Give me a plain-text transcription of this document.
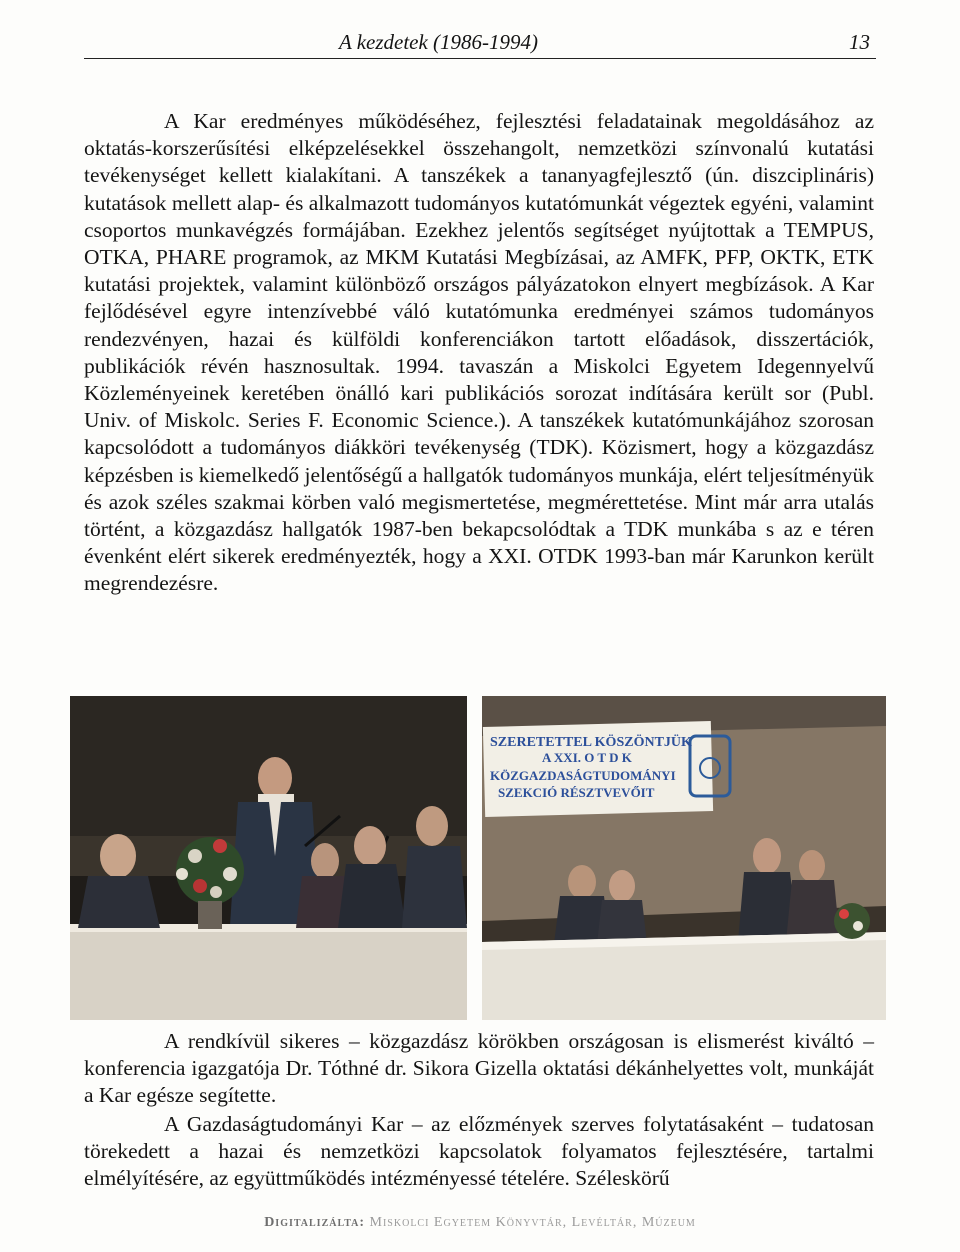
A kezdetek (1986-1994)	13

A Kar eredményes működéséhez, fejlesztési feladatainak megoldásához az oktatás-korszerűsítési elképzelésekkel összehangolt, nemzetközi színvonalú kutatási tevékenységet kellett kialakítani. A tanszékek a tananyagfejlesztő (ún. diszciplináris) kutatások mellett alap- és alkalmazott tudományos kutatómunkát végeztek egyéni, valamint csoportos munkavégzés formájában. Ezekhez jelentős segítséget nyújtottak a TEMPUS, OTKA, PHARE programok, az MKM Kutatási Megbízásai, az AMFK, PFP, OKTK, ETK kutatási projektek, valamint különböző országos pályázatokon elnyert megbízások. A Kar fejlődésével egyre intenzívebbé váló kutatómunka eredményei számos tudományos rendezvényen, hazai és külföldi konferenciákon tartott előadások, disszertációk, publikációk révén hasznosultak. 1994. tavaszán a Miskolci Egyetem Idegennyelvű Közleményeinek keretében önálló kari publikációs sorozat indítására került sor (Publ. Univ. of Miskolc. Series F. Economic Science.). A tanszékek kutatómunkájához szorosan kapcsolódott a tudományos diákköri tevékenység (TDK). Közismert, hogy a közgazdász képzésben is kiemelkedő jelentőségű a hallgatók tudományos munkája, elért teljesítményük és azok széles szakmai körben való megismertetése, megmérettetése. Mint már arra utalás történt, a közgazdász hallgatók 1987-ben bekapcsolódtak a TDK munkába s az e téren évenként elért sikerek eredményezték, hogy a XXI. OTDK 1993-ban már Karunkon került megrendezésre.

SZERETETTEL KÖSZÖNTJÜK
A XXI. O T D K
KÖZGAZDASÁGTUDOMÁNYI
SZEKCIÓ RÉSZTVEVŐIT

A rendkívül sikeres – közgazdász körökben országosan is elismerést kiváltó – konferencia igazgatója Dr. Tóthné dr. Sikora Gizella oktatási dékánhelyettes volt, munkáját a Kar egésze segítette.

A Gazdaságtudományi Kar – az előzmények szerves folytatásaként – tudatosan törekedett a hazai és nemzetközi kapcsolatok folyamatos fejlesztésére, tartalmi elmélyítésére, az együttműködés intézményessé tételére. Széleskörű

Digitalizálta: Miskolci Egyetem Könyvtár, Levéltár, Múzeum
